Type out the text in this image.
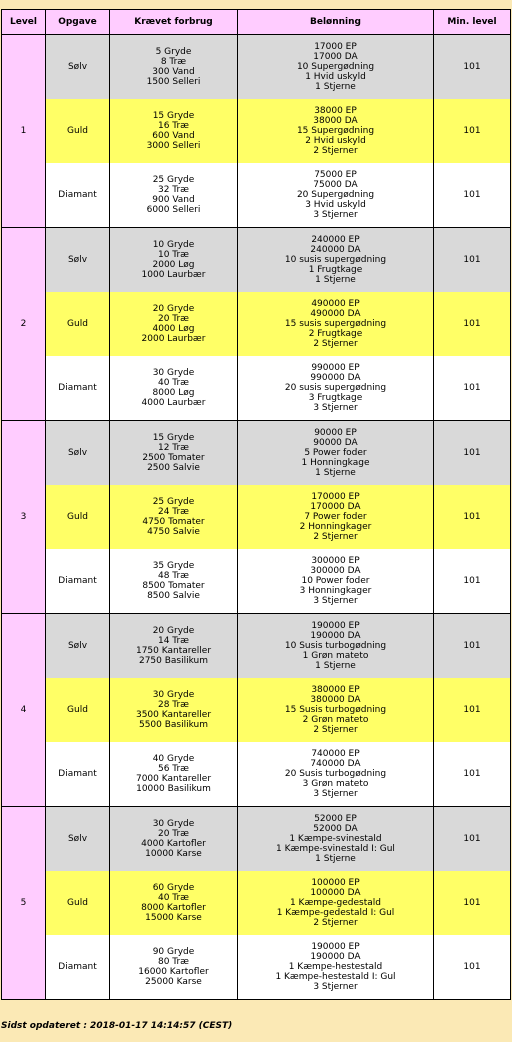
Level	Opgave	Krævet forbrug	Belønning	Min. level
1	Sølv	5 Gryde
8 Træ
300 Vand
1500 Selleri	17000 EP
17000 DA
10 Supergødning
1 Hvid uskyld
1 Stjerne	101
	Guld	15 Gryde
16 Træ
600 Vand
3000 Selleri	38000 EP
38000 DA
15 Supergødning
2 Hvid uskyld
2 Stjerner	101
	Diamant	25 Gryde
32 Træ
900 Vand
6000 Selleri	75000 EP
75000 DA
20 Supergødning
3 Hvid uskyld
3 Stjerner	101
2	Sølv	10 Gryde
10 Træ
2000 Løg
1000 Laurbær	240000 EP
240000 DA
10 susis supergødning
1 Frugtkage
1 Stjerne	101
	Guld	20 Gryde
20 Træ
4000 Løg
2000 Laurbær	490000 EP
490000 DA
15 susis supergødning
2 Frugtkage
2 Stjerner	101
	Diamant	30 Gryde
40 Træ
8000 Løg
4000 Laurbær	990000 EP
990000 DA
20 susis supergødning
3 Frugtkage
3 Stjerner	101
3	Sølv	15 Gryde
12 Træ
2500 Tomater
2500 Salvie	90000 EP
90000 DA
5 Power foder
1 Honningkage
1 Stjerne	101
	Guld	25 Gryde
24 Træ
4750 Tomater
4750 Salvie	170000 EP
170000 DA
7 Power foder
2 Honningkager
2 Stjerner	101
	Diamant	35 Gryde
48 Træ
8500 Tomater
8500 Salvie	300000 EP
300000 DA
10 Power foder
3 Honningkager
3 Stjerner	101
4	Sølv	20 Gryde
14 Træ
1750 Kantareller
2750 Basilikum	190000 EP
190000 DA
10 Susis turbogødning
1 Grøn mateto
1 Stjerne	101
	Guld	30 Gryde
28 Træ
3500 Kantareller
5500 Basilikum	380000 EP
380000 DA
15 Susis turbogødning
2 Grøn mateto
2 Stjerner	101
	Diamant	40 Gryde
56 Træ
7000 Kantareller
10000 Basilikum	740000 EP
740000 DA
20 Susis turbogødning
3 Grøn mateto
3 Stjerner	101
5	Sølv	30 Gryde
20 Træ
4000 Kartofler
10000 Karse	52000 EP
52000 DA
1 Kæmpe-svinestald
1 Kæmpe-svinestald I: Gul
1 Stjerne	101
	Guld	60 Gryde
40 Træ
8000 Kartofler
15000 Karse	100000 EP
100000 DA
1 Kæmpe-gedestald
1 Kæmpe-gedestald I: Gul
2 Stjerner	101
	Diamant	90 Gryde
80 Træ
16000 Kartofler
25000 Karse	190000 EP
190000 DA
1 Kæmpe-hestestald
1 Kæmpe-hestestald I: Gul
3 Stjerner	101
Sidst opdateret : 2018-01-17 14:14:57 (CEST)
